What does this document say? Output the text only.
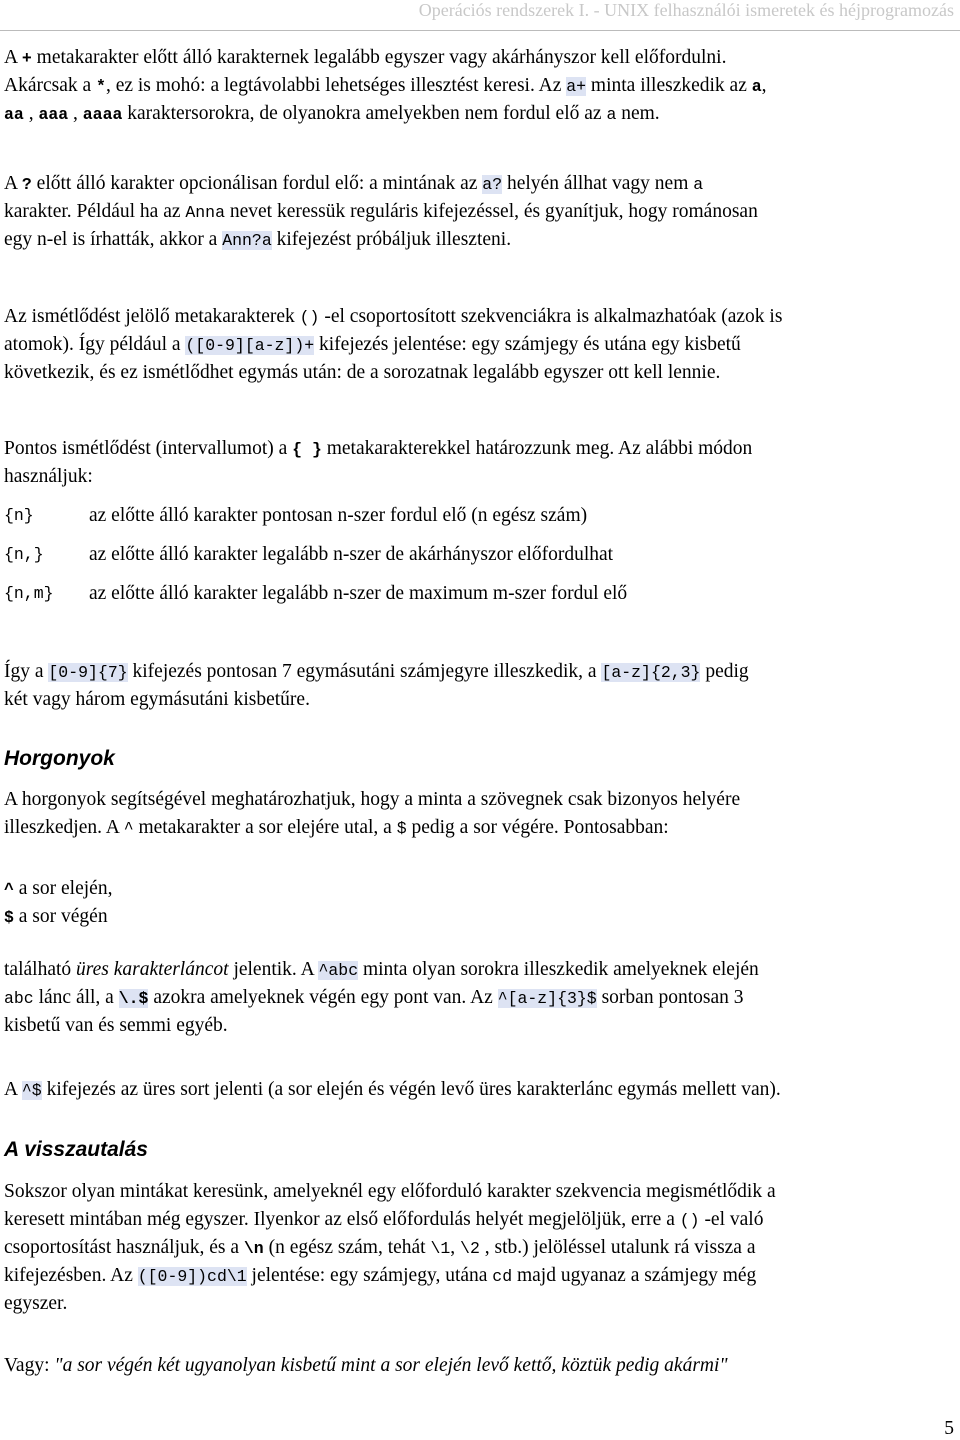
Operációs rendszerek I. - UNIX felhasználói ismeretek és héjprogramozás
A + metakarakter előtt álló karakternek legalább egyszer vagy akárhányszor kell előfordulni.
Akárcsak a *, ez is mohó: a legtávolabbi lehetséges illesztést keresi. Az a+ minta illeszkedik az a,
aa , aaa , aaaa karaktersorokra, de olyanokra amelyekben nem fordul elő az a nem.
A ? előtt álló karakter opcionálisan fordul elő: a mintának az a? helyén állhat vagy nem a
karakter. Például ha az Anna nevet keressük reguláris kifejezéssel, és gyanítjuk, hogy románosan
egy n-el is írhatták, akkor a Ann?a kifejezést próbáljuk illeszteni.
Az ismétlődést jelölő metakarakterek () -el csoportosított szekvenciákra is alkalmazhatóak (azok is
atomok). Így például a ([0-9][a-z])+ kifejezés jelentése: egy számjegy és utána egy kisbetű
következik, és ez ismétlődhet egymás után: de a sorozatnak legalább egyszer ott kell lennie.
Pontos ismétlődést (intervallumot) a { } metakarakterekkel határozzunk meg. Az alábbi módon
használjuk:
{n}	az előtte álló karakter pontosan n-szer fordul elő (n egész szám)
{n,} az előtte álló karakter legalább n-szer de akárhányszor előfordulhat
{n,m} az előtte álló karakter legalább n-szer de maximum m-szer fordul elő
Így a [0-9]{7} kifejezés pontosan 7 egymásutáni számjegyre illeszkedik, a [a-z]{2,3} pedig
két vagy három egymásutáni kisbetűre.
Horgonyok
A horgonyok segítségével meghatározhatjuk, hogy a minta a szövegnek csak bizonyos helyére
illeszkedjen. A ^ metakarakter a sor elejére utal, a $ pedig a sor végére. Pontosabban:
^ a sor elején,
$ a sor végén
található üres karakterláncot jelentik. A ^abc minta olyan sorokra illeszkedik amelyeknek elején
abc lánc áll, a \.$ azokra amelyeknek végén egy pont van. Az ^[a-z]{3}$ sorban pontosan 3
kisbetű van és semmi egyéb.
A ^$ kifejezés az üres sort jelenti (a sor elején és végén levő üres karakterlánc egymás mellett van).
A visszautalás
Sokszor olyan mintákat keresünk, amelyeknél egy előforduló karakter szekvencia megismétlődik a
keresett mintában még egyszer. Ilyenkor az első előfordulás helyét megjelöljük, erre a () -el való
csoportosítást használjuk, és a \n (n egész szám, tehát \1, \2 , stb.) jelöléssel utalunk rá vissza a
kifejezésben. Az ([0-9])cd\1 jelentése: egy számjegy, utána cd majd ugyanaz a számjegy még
egyszer.
Vagy: "a sor végén két ugyanolyan kisbetű mint a sor elején levő kettő, köztük pedig akármi"
5
